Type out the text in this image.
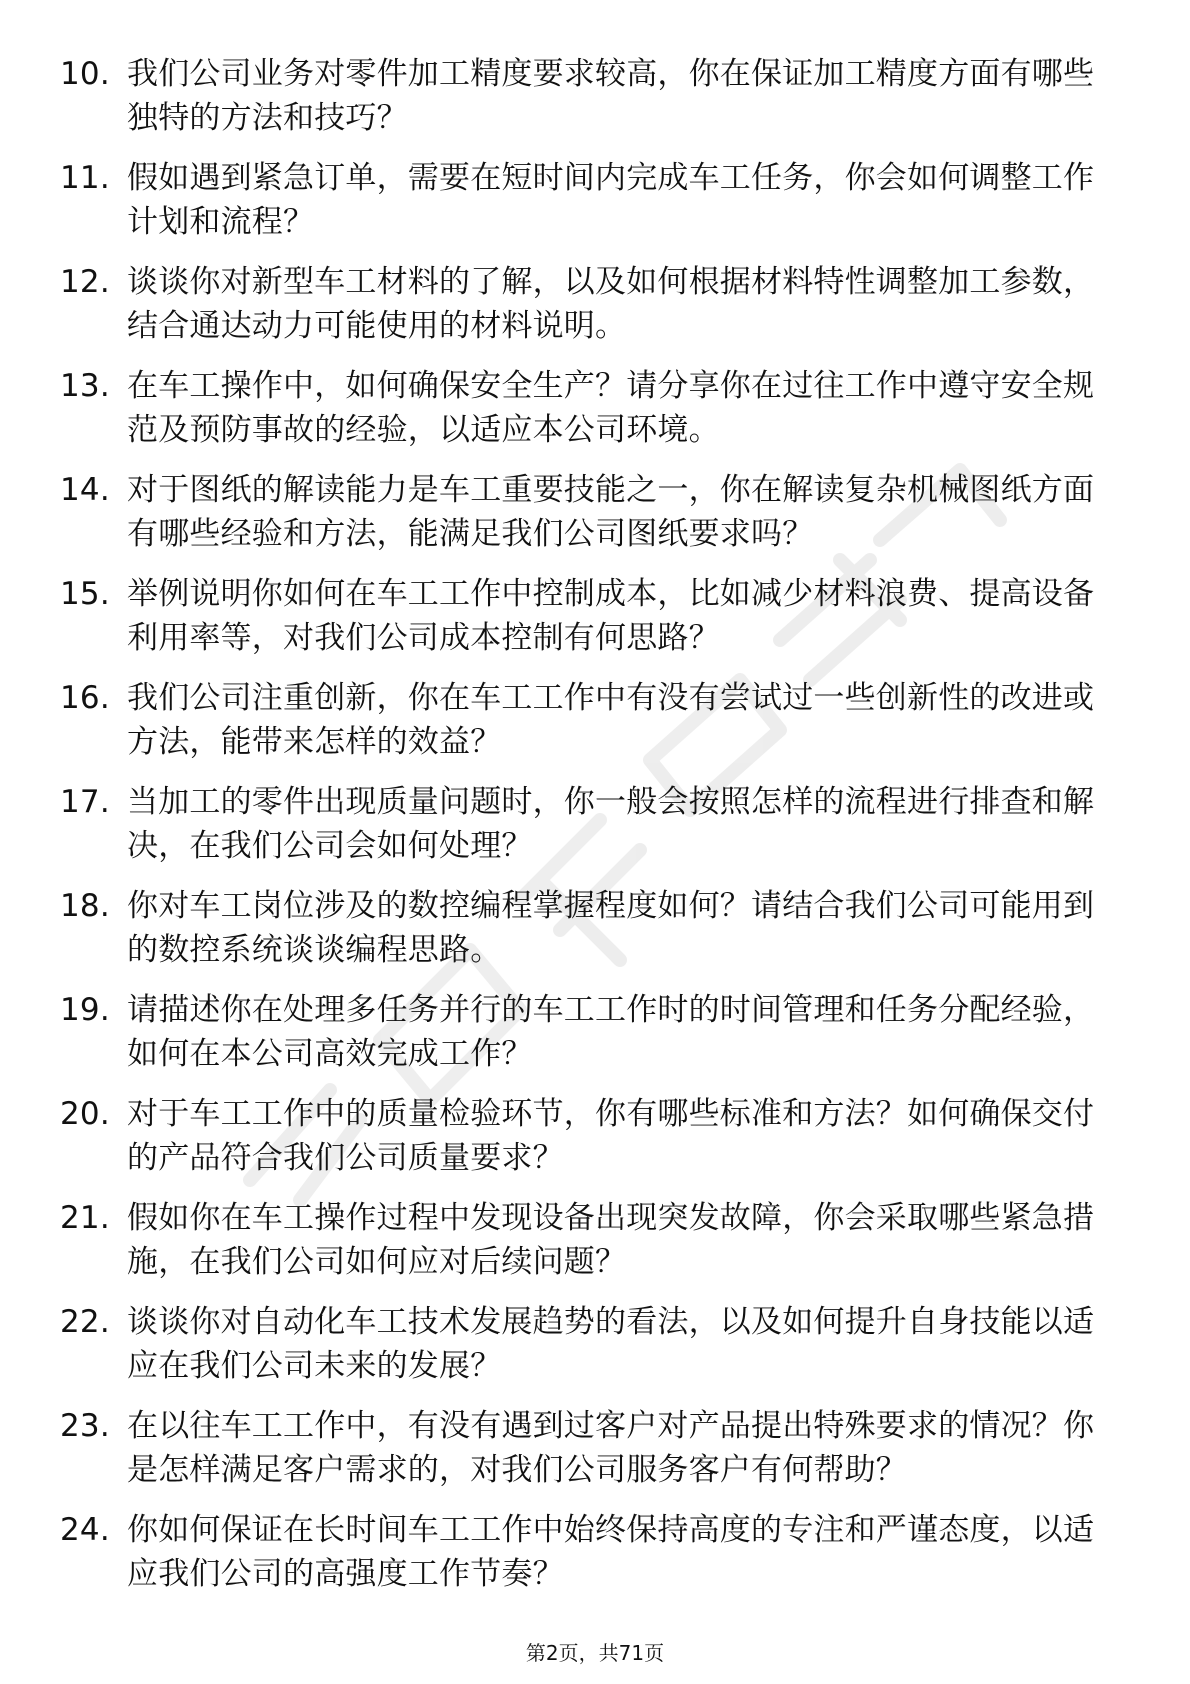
10. 我们公司业务对零件加工精度要求较高，你在保证加工精度方面有哪些独特的方法和技巧？
11. 假如遇到紧急订单，需要在短时间内完成车工任务，你会如何调整工作计划和流程？
12. 谈谈你对新型车工材料的了解，以及如何根据材料特性调整加工参数，结合通达动力可能使用的材料说明。
13. 在车工操作中，如何确保安全生产？请分享你在过往工作中遵守安全规范及预防事故的经验，以适应本公司环境。
14. 对于图纸的解读能力是车工重要技能之一，你在解读复杂机械图纸方面有哪些经验和方法，能满足我们公司图纸要求吗？
15. 举例说明你如何在车工工作中控制成本，比如减少材料浪费、提高设备利用率等，对我们公司成本控制有何思路？
16. 我们公司注重创新，你在车工工作中有没有尝试过一些创新性的改进或方法，能带来怎样的效益？
17. 当加工的零件出现质量问题时，你一般会按照怎样的流程进行排查和解决，在我们公司会如何处理？
18. 你对车工岗位涉及的数控编程掌握程度如何？请结合我们公司可能用到的数控系统谈谈编程思路。
19. 请描述你在处理多任务并行的车工工作时的时间管理和任务分配经验，如何在本公司高效完成工作？
20. 对于车工工作中的质量检验环节，你有哪些标准和方法？如何确保交付的产品符合我们公司质量要求？
21. 假如你在车工操作过程中发现设备出现突发故障，你会采取哪些紧急措施，在我们公司如何应对后续问题？
22. 谈谈你对自动化车工技术发展趋势的看法，以及如何提升自身技能以适应在我们公司未来的发展？
23. 在以往车工工作中，有没有遇到过客户对产品提出特殊要求的情况？你是怎样满足客户需求的，对我们公司服务客户有何帮助？
24. 你如何保证在长时间车工工作中始终保持高度的专注和严谨态度，以适应我们公司的高强度工作节奏？
第2页，共71页
